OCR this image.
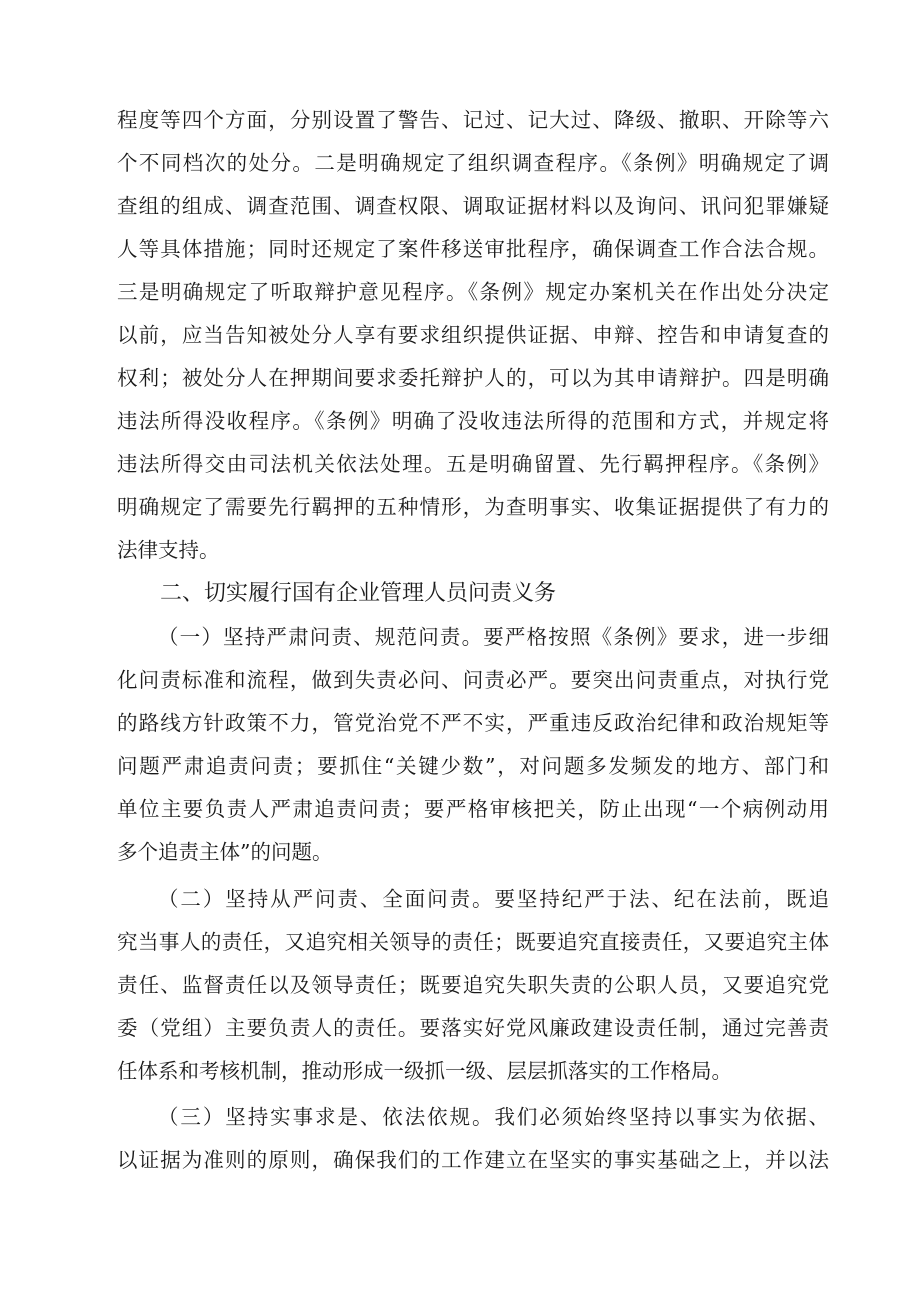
程度等四个方面，分别设置了警告、记过、记大过、降级、撤职、开除等六
个不同档次的处分。二是明确规定了组织调查程序。《条例》明确规定了调
查组的组成、调查范围、调查权限、调取证据材料以及询问、讯问犯罪嫌疑
人等具体措施；同时还规定了案件移送审批程序，确保调查工作合法合规。
三是明确规定了听取辩护意见程序。《条例》规定办案机关在作出处分决定
以前，应当告知被处分人享有要求组织提供证据、申辩、控告和申请复查的
权利；被处分人在押期间要求委托辩护人的，可以为其申请辩护。四是明确
违法所得没收程序。《条例》明确了没收违法所得的范围和方式，并规定将
违法所得交由司法机关依法处理。五是明确留置、先行羁押程序。《条例》
明确规定了需要先行羁押的五种情形，为查明事实、收集证据提供了有力的
法律支持。
二、切实履行国有企业管理人员问责义务
（一）坚持严肃问责、规范问责。要严格按照《条例》要求，进一步细
化问责标准和流程，做到失责必问、问责必严。要突出问责重点，对执行党
的路线方针政策不力，管党治党不严不实，严重违反政治纪律和政治规矩等
问题严肃追责问责；要抓住“关键少数”，对问题多发频发的地方、部门和
单位主要负责人严肃追责问责；要严格审核把关，防止出现“一个病例动用
多个追责主体”的问题。
（二）坚持从严问责、全面问责。要坚持纪严于法、纪在法前，既追
究当事人的责任，又追究相关领导的责任；既要追究直接责任，又要追究主体
责任、监督责任以及领导责任；既要追究失职失责的公职人员，又要追究党
委（党组）主要负责人的责任。要落实好党风廉政建设责任制，通过完善责
任体系和考核机制，推动形成一级抓一级、层层抓落实的工作格局。
（三）坚持实事求是、依法依规。我们必须始终坚持以事实为依据、
以证据为准则的原则，确保我们的工作建立在坚实的事实基础之上，并以法
